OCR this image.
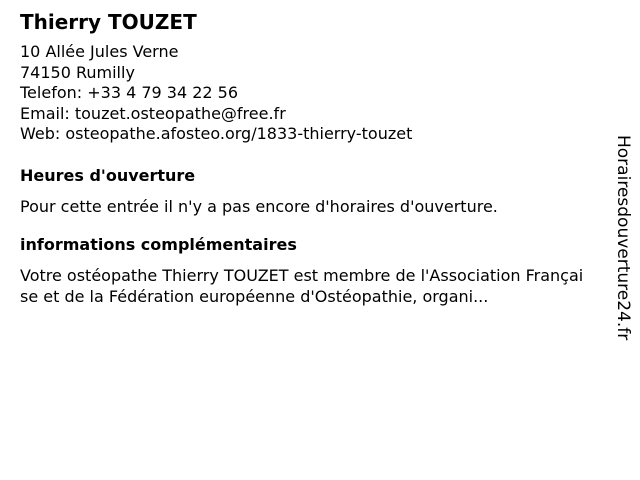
Thierry TOUZET
10 Allée Jules Verne
74150 Rumilly
Telefon: +33 4 79 34 22 56
Email: touzet.osteopathe@free.fr
Web: osteopathe.afosteo.org/1833-thierry-touzet
Heures d'ouverture
Pour cette entrée il n'y a pas encore d'horaires d'ouverture.
informations complémentaires
Votre ostéopathe Thierry TOUZET est membre de l'Association Française et de la Fédération européenne d'Ostéopathie, organi...	Horairesdouverture24.fr
